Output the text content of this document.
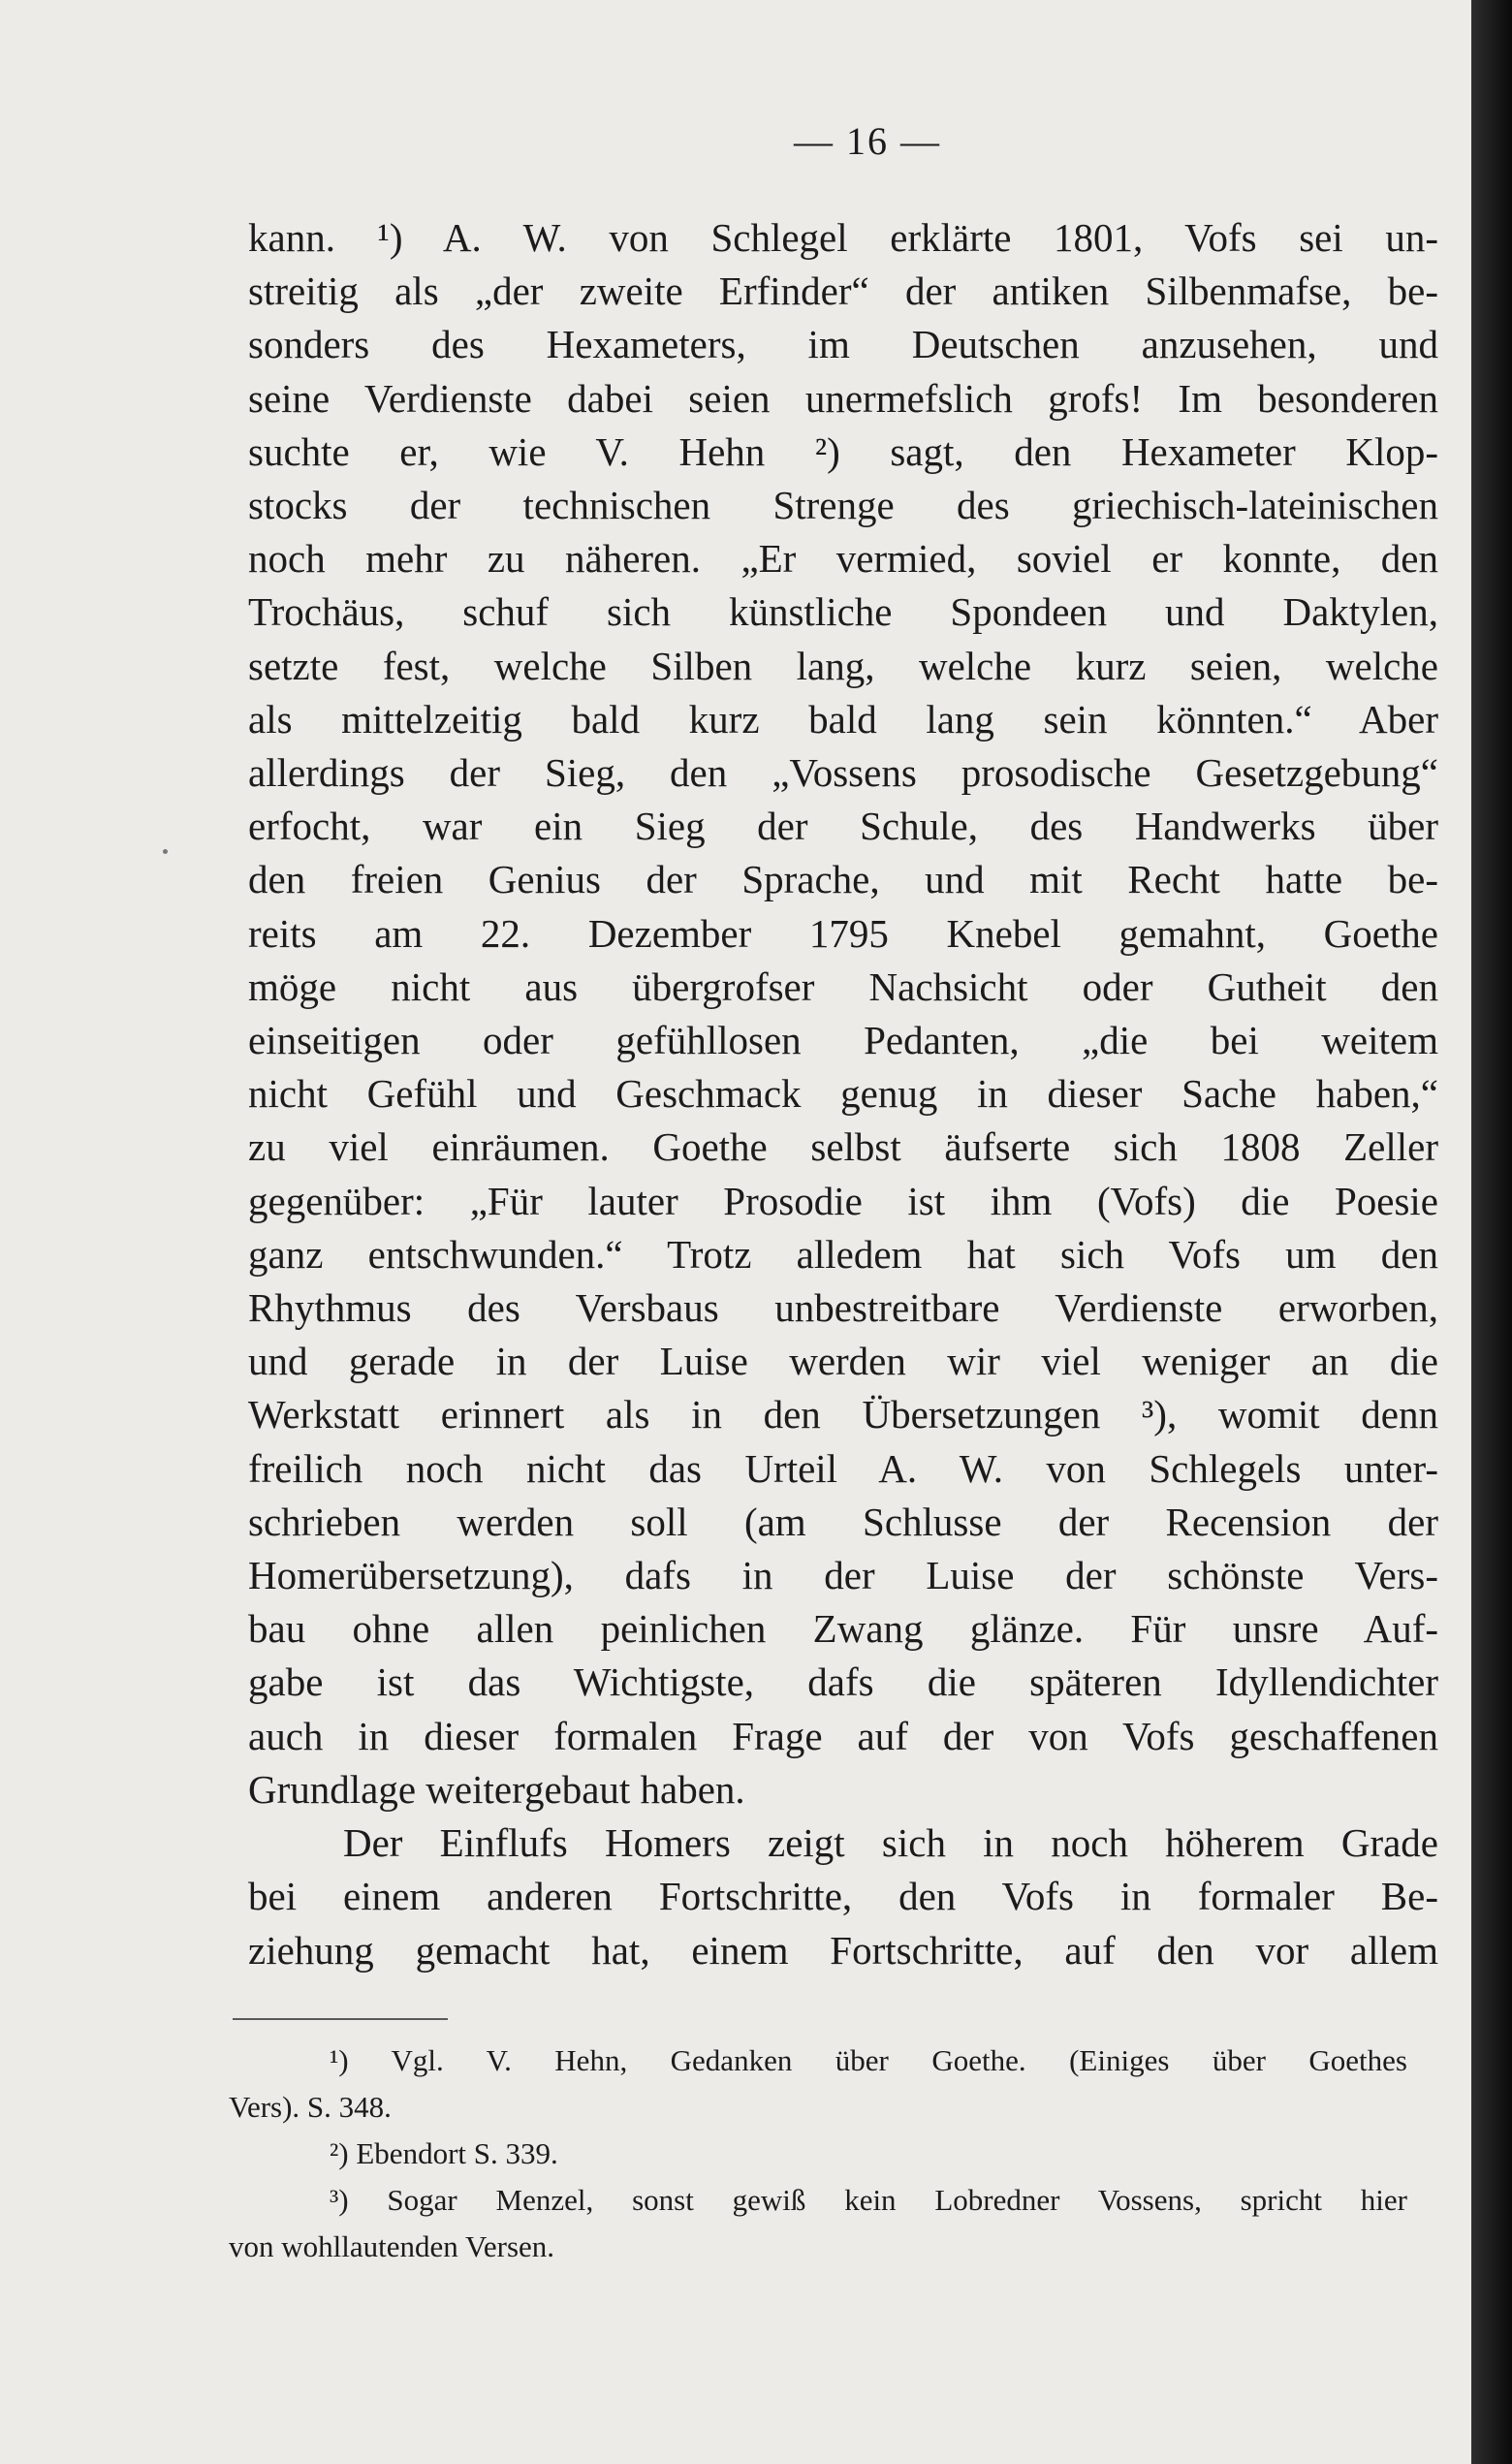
— 16 —
kann. ¹) A. W. von Schlegel erklärte 1801, Vofs sei un-
streitig als „der zweite Erfinder“ der antiken Silbenmafse, be-
sonders des Hexameters, im Deutschen anzusehen, und
seine Verdienste dabei seien unermefslich grofs! Im besonderen
suchte er, wie V. Hehn ²) sagt, den Hexameter Klop-
stocks der technischen Strenge des griechisch-lateinischen
noch mehr zu näheren. „Er vermied, soviel er konnte, den
Trochäus, schuf sich künstliche Spondeen und Daktylen,
setzte fest, welche Silben lang, welche kurz seien, welche
als mittelzeitig bald kurz bald lang sein könnten.“ Aber
allerdings der Sieg, den „Vossens prosodische Gesetzgebung“
erfocht, war ein Sieg der Schule, des Handwerks über
den freien Genius der Sprache, und mit Recht hatte be-
reits am 22. Dezember 1795 Knebel gemahnt, Goethe
möge nicht aus übergrofser Nachsicht oder Gutheit den
einseitigen oder gefühllosen Pedanten, „die bei weitem
nicht Gefühl und Geschmack genug in dieser Sache haben,“
zu viel einräumen. Goethe selbst äufserte sich 1808 Zeller
gegenüber: „Für lauter Prosodie ist ihm (Vofs) die Poesie
ganz entschwunden.“ Trotz alledem hat sich Vofs um den
Rhythmus des Versbaus unbestreitbare Verdienste erworben,
und gerade in der Luise werden wir viel weniger an die
Werkstatt erinnert als in den Übersetzungen ³), womit denn
freilich noch nicht das Urteil A. W. von Schlegels unter-
schrieben werden soll (am Schlusse der Recension der
Homerübersetzung), dafs in der Luise der schönste Vers-
bau ohne allen peinlichen Zwang glänze. Für unsre Auf-
gabe ist das Wichtigste, dafs die späteren Idyllendichter
auch in dieser formalen Frage auf der von Vofs geschaffenen
Grundlage weitergebaut haben.
Der Einflufs Homers zeigt sich in noch höherem Grade
bei einem anderen Fortschritte, den Vofs in formaler Be-
ziehung gemacht hat, einem Fortschritte, auf den vor allem
¹) Vgl. V. Hehn, Gedanken über Goethe. (Einiges über Goethes
Vers). S. 348.
²) Ebendort S. 339.
³) Sogar Menzel, sonst gewiß kein Lobredner Vossens, spricht hier
von wohllautenden Versen.
